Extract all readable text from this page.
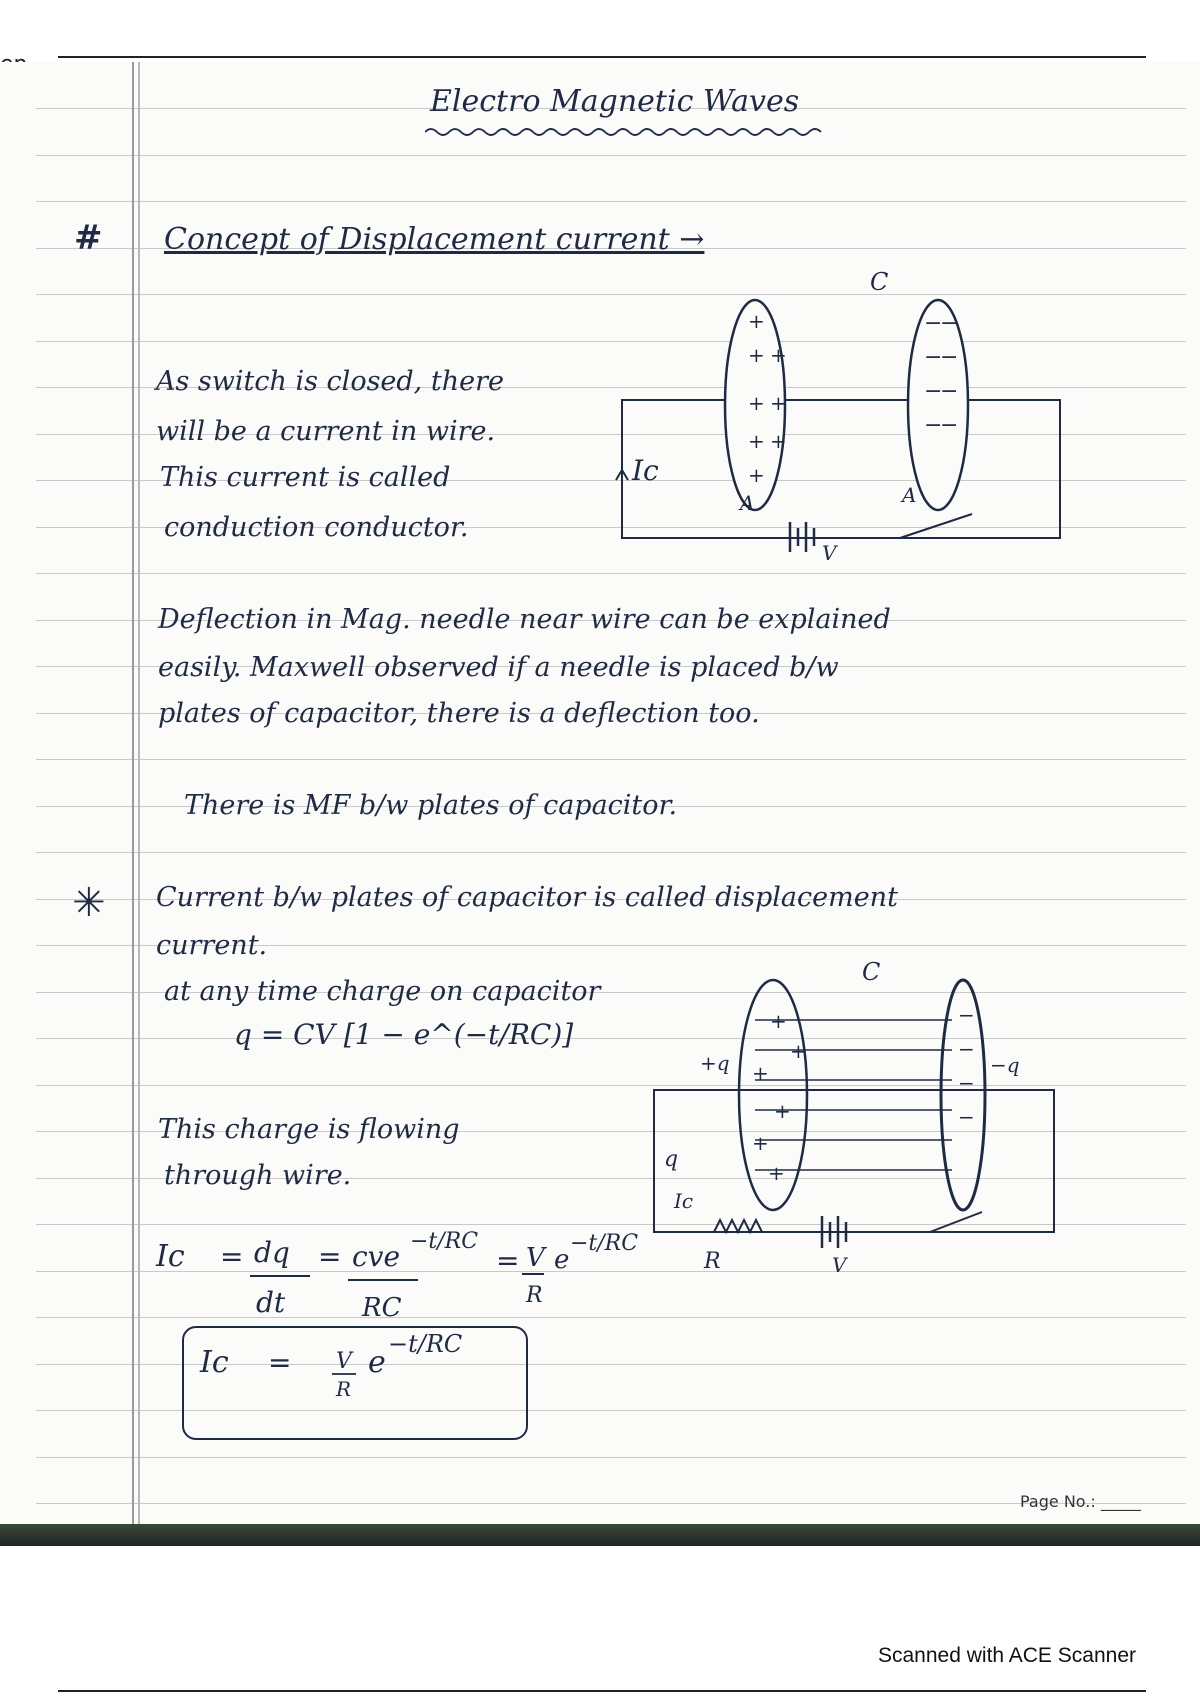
Electro Magnetic Waves
# Concept of Displacement current →
As switch is closed, there
will be a current in wire.
This current is called
conduction conductor.
C
+
+ +
+ +
+ +
+
−
−
−
−
−
−
−
−
A	A
Ic
V
Deflection in Mag. needle near wire can be explained
easily. Maxwell observed if a needle is placed b/w
plates of capacitor, there is a deflection too.
There is MF b/w plates of capacitor.
✳ Current b/w plates of capacitor is called displacement
current.
at any time charge on capacitor
q = CV [1 − e^(−t/RC)]
This charge is flowing
through wire.
C
+
+
+
+
+
+
−
−
−
−
+q	−q
q
Ic
R	V
Ic = dq
dt
= cve −t/RC
RC
= V
R
e
−t/RC
Ic = V
R
e
−t/RC
Page No.: _____
Scanned with ACE Scanner
